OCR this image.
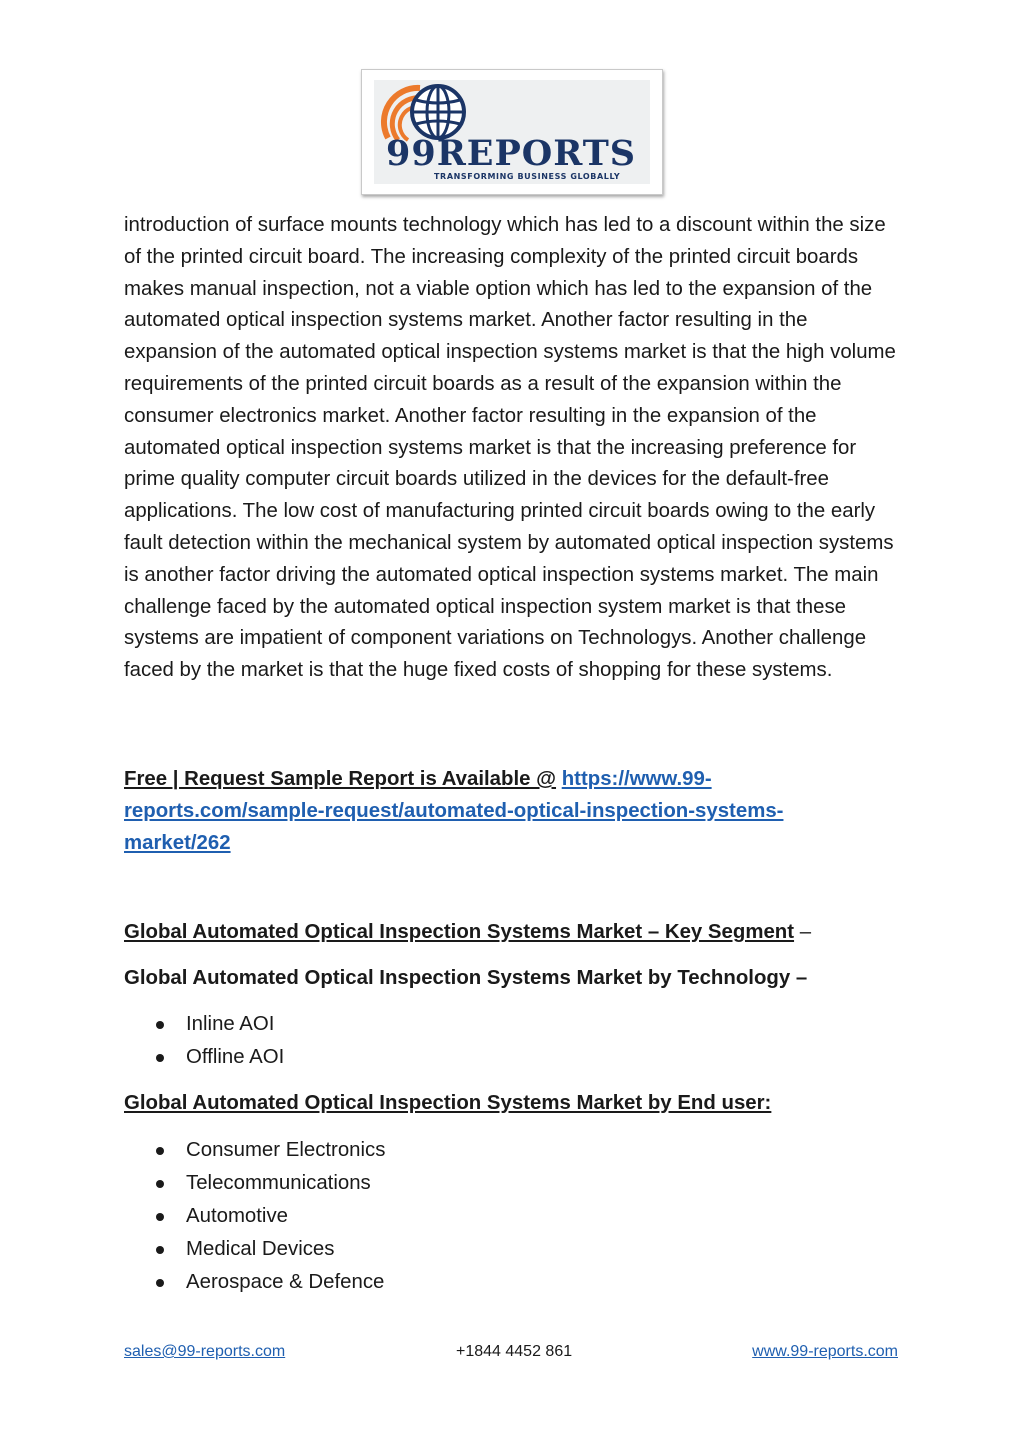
99REPORTS
TRANSFORMING BUSINESS GLOBALLY

introduction of surface mounts technology which has led to a discount within the size of the printed circuit board. The increasing complexity of the printed circuit boards makes manual inspection, not a viable option which has led to the expansion of the automated optical inspection systems market. Another factor resulting in the expansion of the automated optical inspection systems market is that the high volume requirements of the printed circuit boards as a result of the expansion within the consumer electronics market. Another factor resulting in the expansion of the automated optical inspection systems market is that the increasing preference for prime quality computer circuit boards utilized in the devices for the default-free applications. The low cost of manufacturing printed circuit boards owing to the early fault detection within the mechanical system by automated optical inspection systems is another factor driving the automated optical inspection systems market. The main challenge faced by the automated optical inspection system market is that these systems are impatient of component variations on Technologys. Another challenge faced by the market is that the huge fixed costs of shopping for these systems.

Free | Request Sample Report is Available @ https://www.99-reports.com/sample-request/automated-optical-inspection-systems-market/262

Global Automated Optical Inspection Systems Market – Key Segment –

Global Automated Optical Inspection Systems Market by Technology –

Inline AOI
Offline AOI

Global Automated Optical Inspection Systems Market by End user:

Consumer Electronics
Telecommunications
Automotive
Medical Devices
Aerospace & Defence
sales@99-reports.com	+1844 4452 861	www.99-reports.com
